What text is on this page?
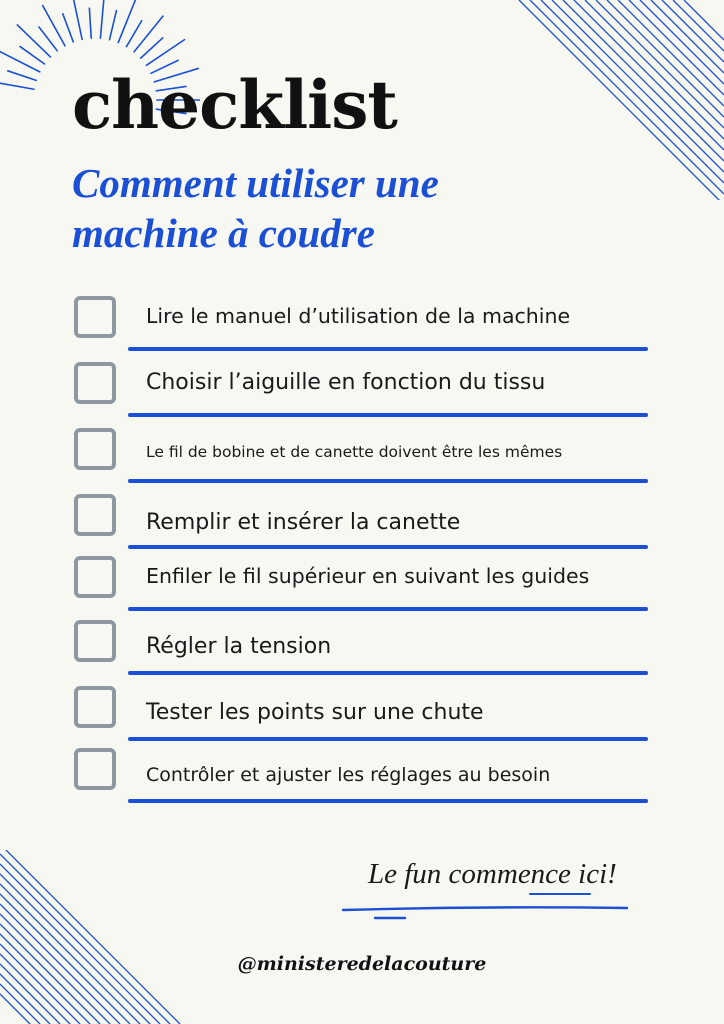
checklist
Comment utiliser une machine à coudre
Lire le manuel d’utilisation de la machine
Choisir l’aiguille en fonction du tissu
Le fil de bobine et de canette doivent être les mêmes
Remplir et insérer la canette
Enfiler le fil supérieur en suivant les guides
Régler la tension
Tester les points sur une chute
Contrôler et ajuster les réglages au besoin
Le fun commence ici!
@ministeredelacouture
